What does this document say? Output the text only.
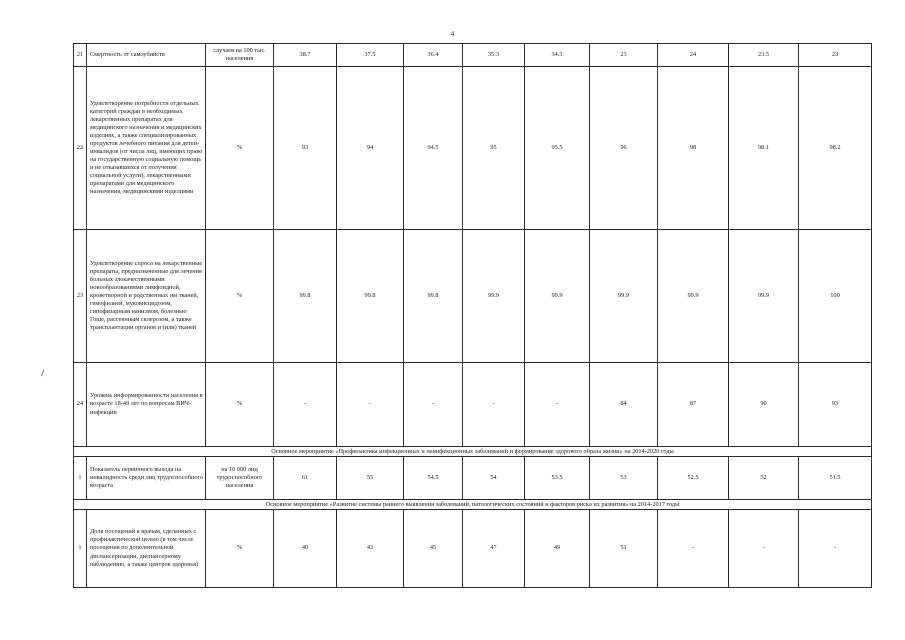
4
21	Смертность от самоубийств	случаев на 100 тыс. населения	38.7	37.5	36.4	35.3	34.3	23	24	23.5	23
22	Удовлетворение потребности отдельных категорий граждан в необходимых лекарственных препаратах для медицинского назначения и медицинских изделиях, а также специализированных продуктов лечебного питания для детей-инвалидов (от числа лиц, имеющих право на государственную социальную помощь и не отказавшихся от получения социальной услуги), лекарственными препаратами для медицинского назначения, медицинскими изделиями	%	93	94	94.5	95	95.5	96	98	98.1	98.2
23	Удовлетворение спроса на лекарственные препараты, предназначенные для лечения больных злокачественными новообразованиями лимфоидной, кроветворной и родственных им тканей, гемофилией, муковисцидозом, гипофизарным нанизмом, болезнью Гоше, рассеянным склерозом, а также трансплантации органов и (или) тканей	%	99.8	99.8	99.8	99.9	99.9	99.9	99.9	99.9	100
24	Уровень информированности населения в возрасте 18-49 лет по вопросам ВИЧ-инфекции	%	-	-	-	-	-	84	87	90	93
Основное мероприятие «Профилактика инфекционных и неинфекционных заболеваний и формирование здорового образа жизни» на 2014-2020 годы											
1	Показатель первичного выхода на инвалидность среди лиц трудоспособного возраста	на 10 000 лиц трудоспособного населения	61	55	54.5	54	53.5	53	52.5	52	51.5
Основное мероприятие «Развитие системы раннего выявления заболеваний, патологических состояний и факторов риска их развития» на 2014-2017 годы											
1	Доля посещений к врачам, сделанных с профилактической целью (в том числе посещения по дополнительной диспансеризации, диспансерному наблюдению, а также центров здоровья)	%	40	43	45	47	49	51	-	-	-
